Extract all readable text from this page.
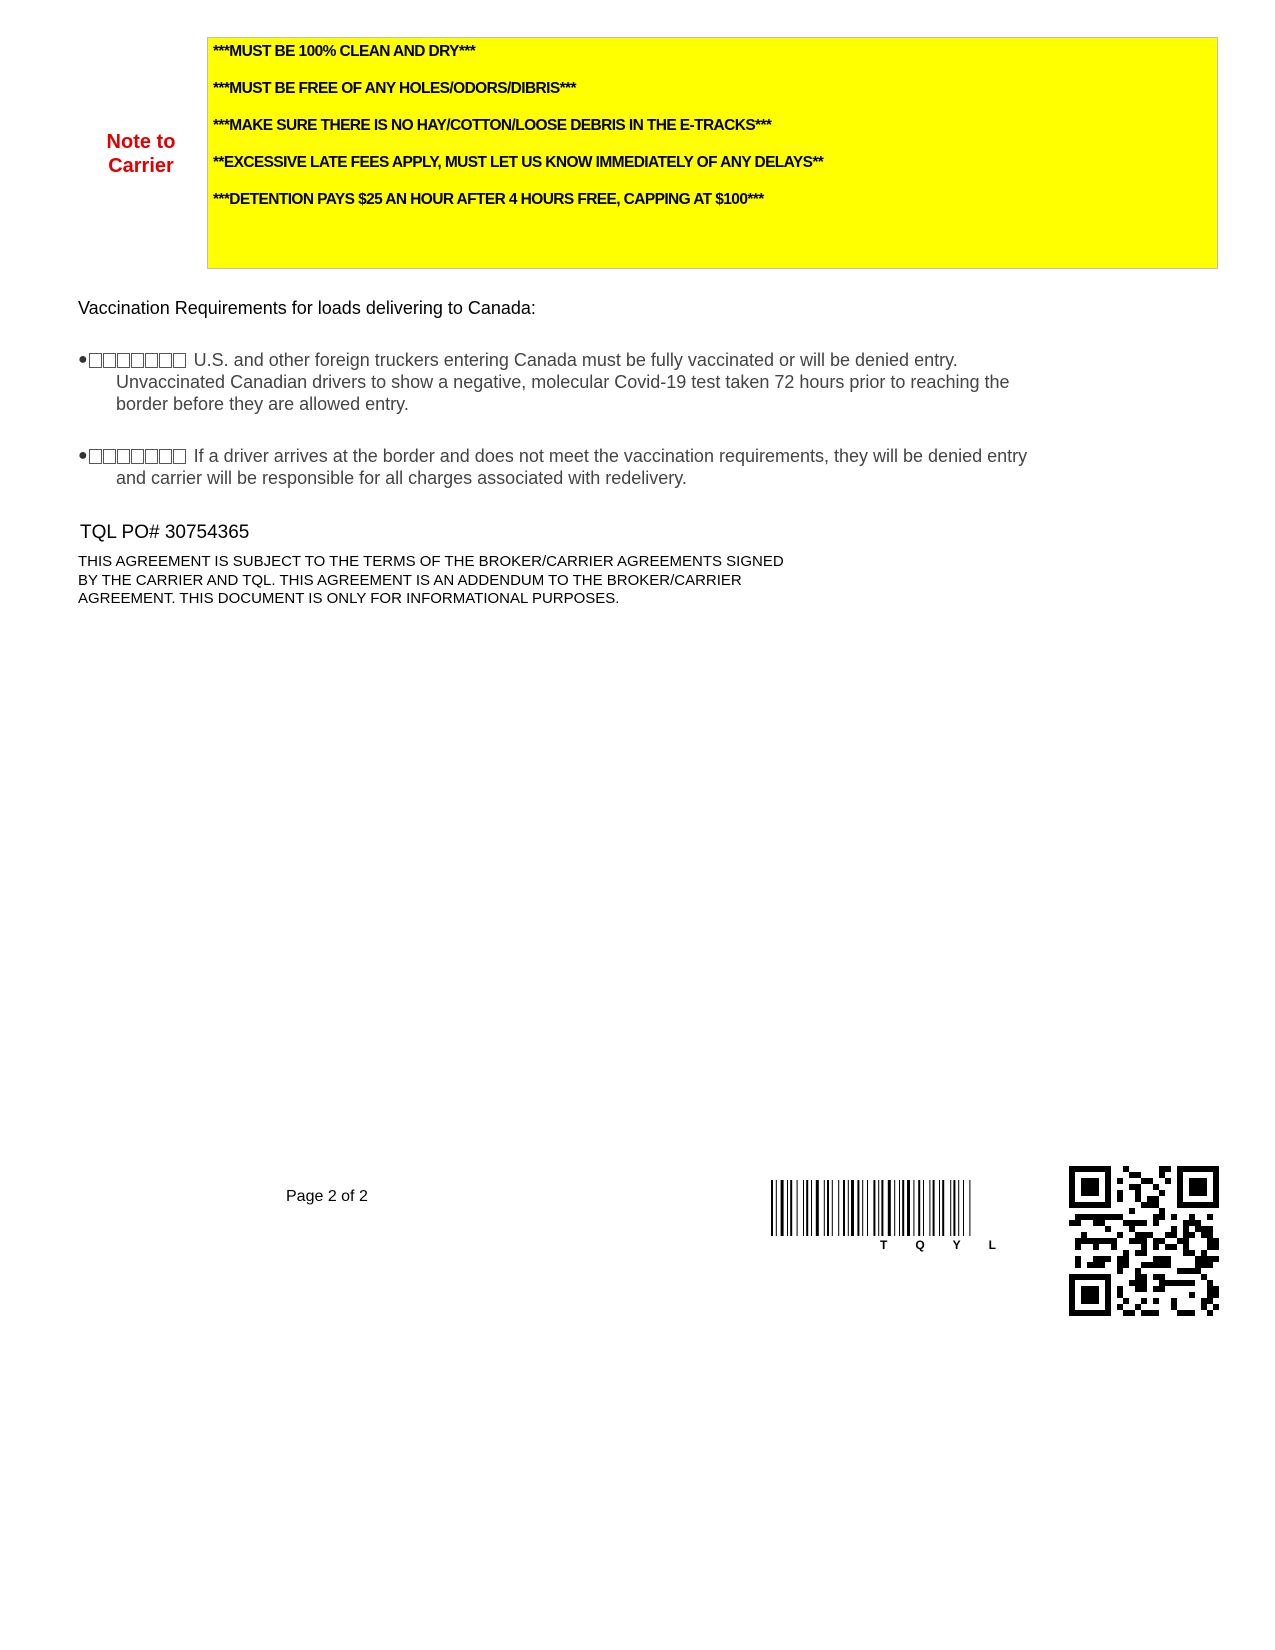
Note to Carrier
***MUST BE 100% CLEAN AND DRY***
***MUST BE FREE OF ANY HOLES/ODORS/DIBRIS***
***MAKE SURE THERE IS NO HAY/COTTON/LOOSE DEBRIS IN THE E-TRACKS***
**EXCESSIVE LATE FEES APPLY, MUST LET US KNOW IMMEDIATELY OF ANY DELAYS**
***DETENTION PAYS $25 AN HOUR AFTER 4 HOURS FREE, CAPPING AT $100***
Vaccination Requirements for loads delivering to Canada:
●	U.S. and other foreign truckers entering Canada must be fully vaccinated or will be denied entry.
Unvaccinated Canadian drivers to show a negative, molecular Covid-19 test taken 72 hours prior to reaching the
border before they are allowed entry.
●	If a driver arrives at the border and does not meet the vaccination requirements, they will be denied entry
and carrier will be responsible for all charges associated with redelivery.
TQL PO# 30754365
THIS AGREEMENT IS SUBJECT TO THE TERMS OF THE BROKER/CARRIER AGREEMENTS SIGNED BY THE CARRIER AND TQL. THIS AGREEMENT IS AN ADDENDUM TO THE BROKER/CARRIER AGREEMENT. THIS DOCUMENT IS ONLY FOR INFORMATIONAL PURPOSES.
Page 2 of 2
TQYL
